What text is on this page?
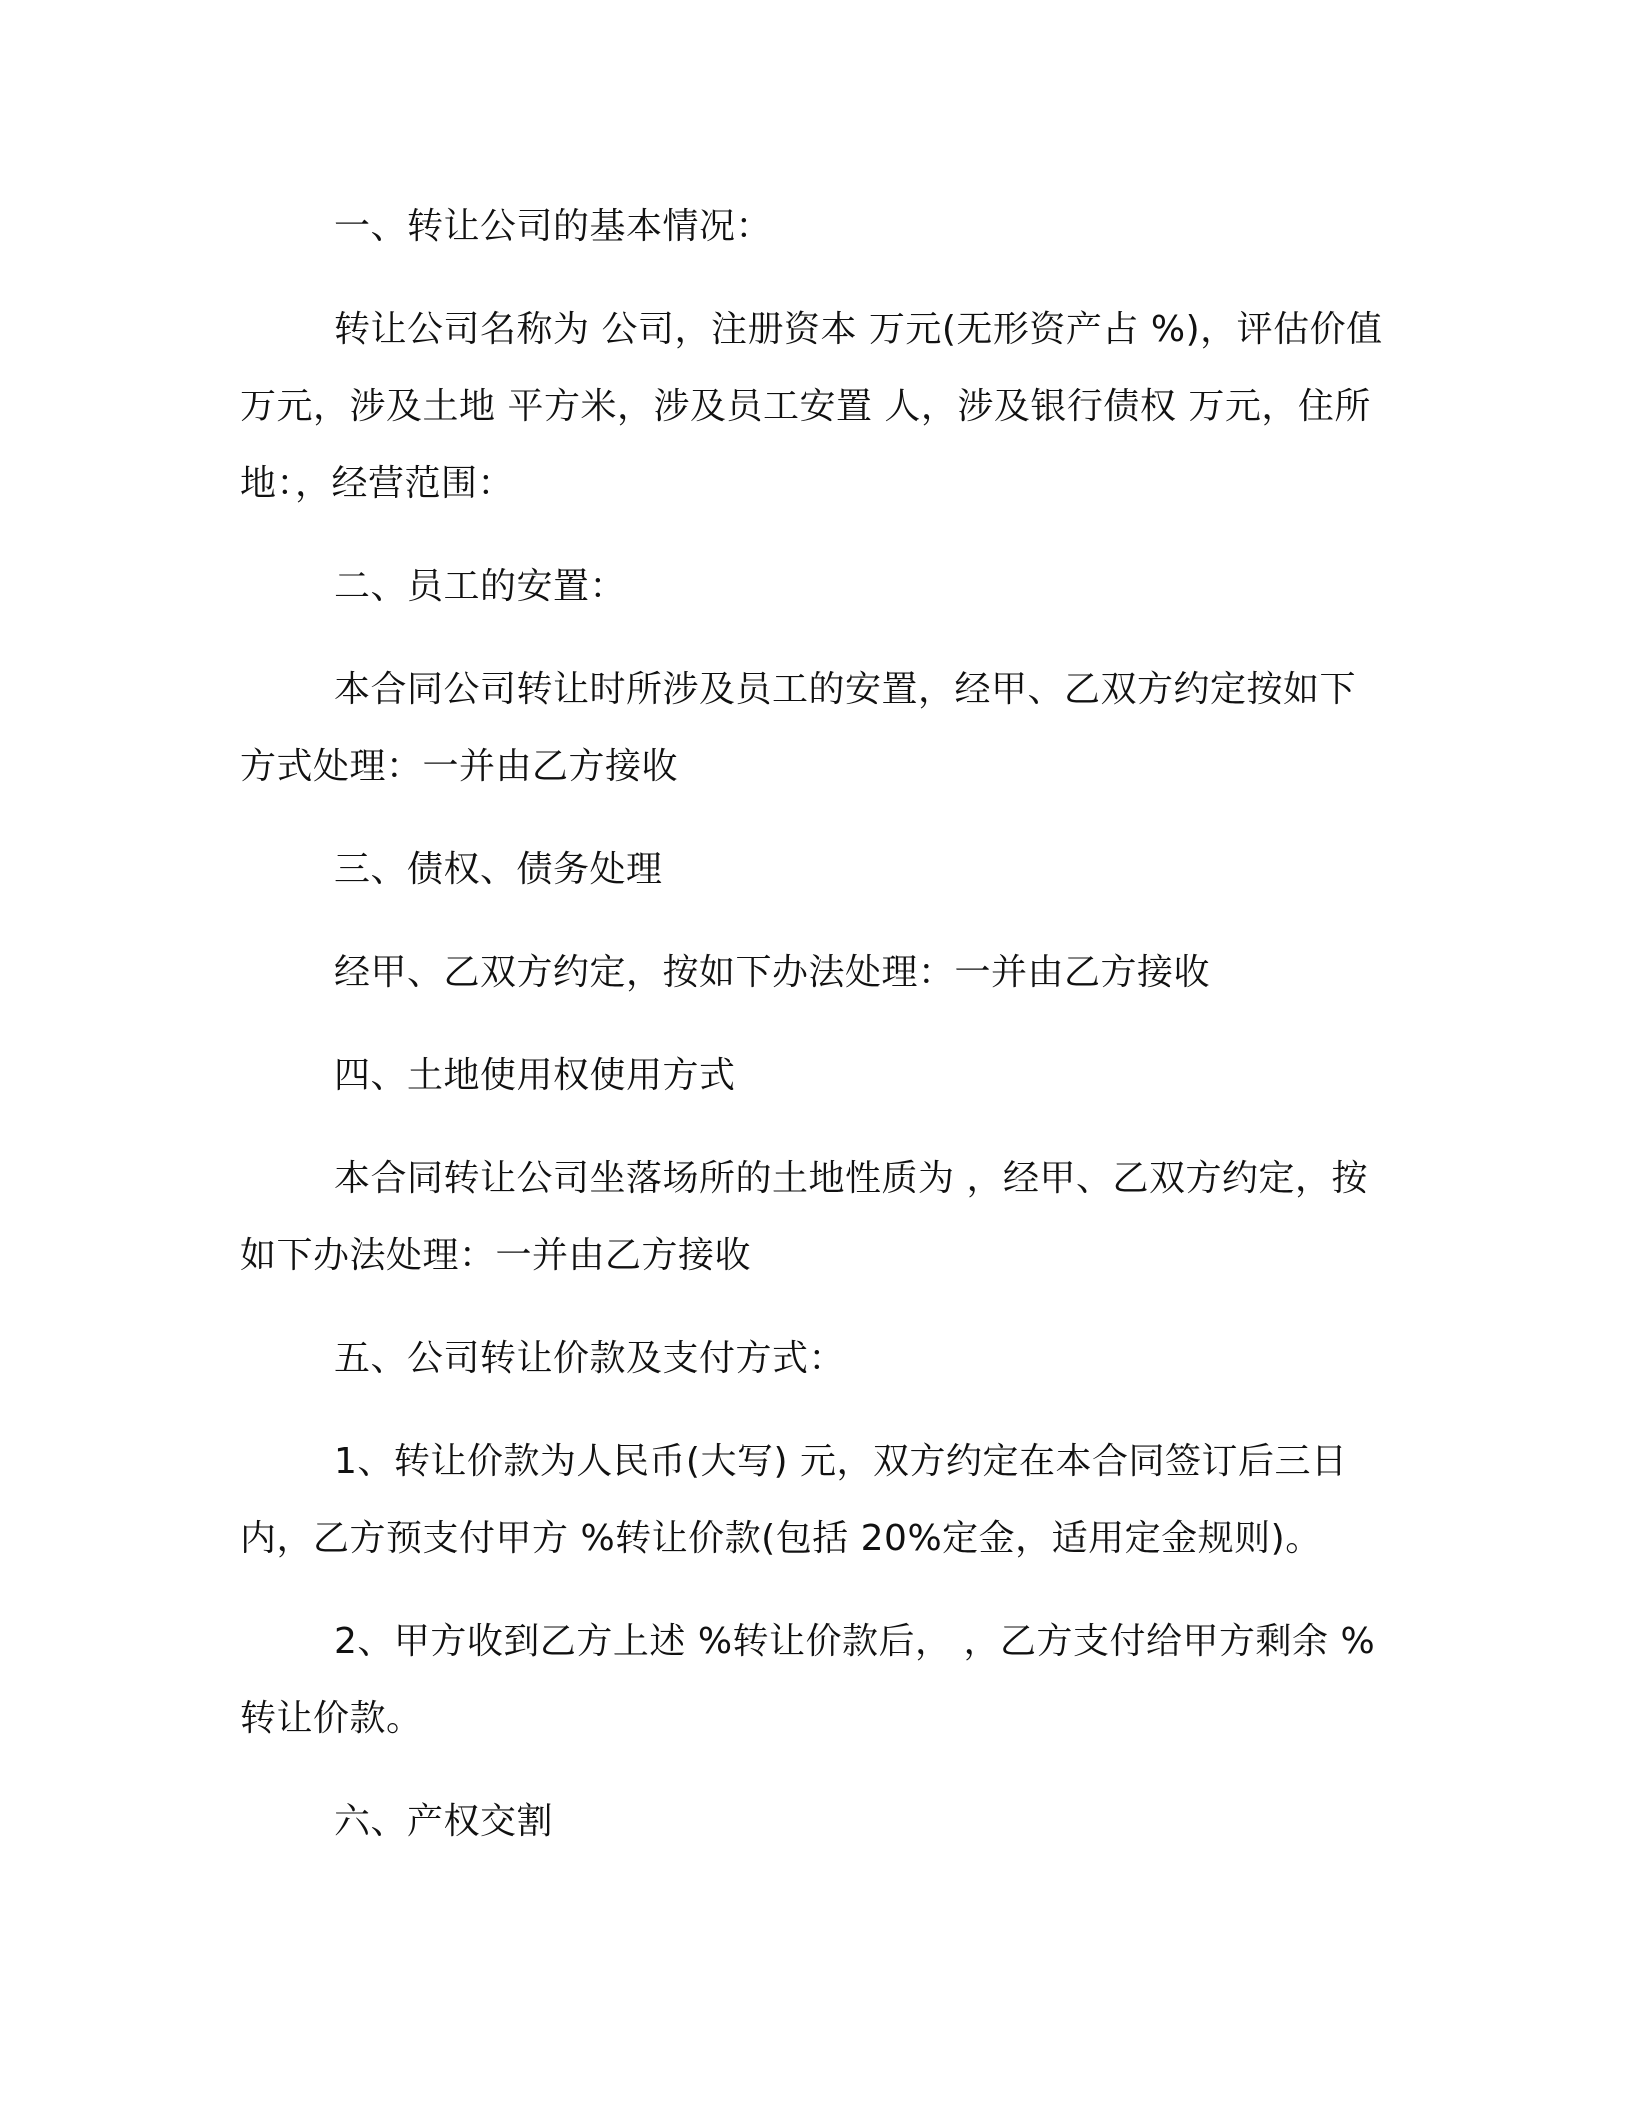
一、转让公司的基本情况：

转让公司名称为 公司，注册资本 万元(无形资产占 %)，评估价值 万元，涉及土地 平方米，涉及员工安置 人，涉及银行债权 万元，住所地：，经营范围：

二、员工的安置：

本合同公司转让时所涉及员工的安置，经甲、乙双方约定按如下方式处理：一并由乙方接收

三、债权、债务处理

经甲、乙双方约定，按如下办法处理：一并由乙方接收

四、土地使用权使用方式

本合同转让公司坐落场所的土地性质为 ，经甲、乙双方约定，按如下办法处理：一并由乙方接收

五、公司转让价款及支付方式：

1、转让价款为人民币(大写) 元，双方约定在本合同签订后三日内，乙方预支付甲方 %转让价款(包括 20%定金，适用定金规则)。

2、甲方收到乙方上述 %转让价款后， ，乙方支付给甲方剩余 %转让价款。

六、产权交割
